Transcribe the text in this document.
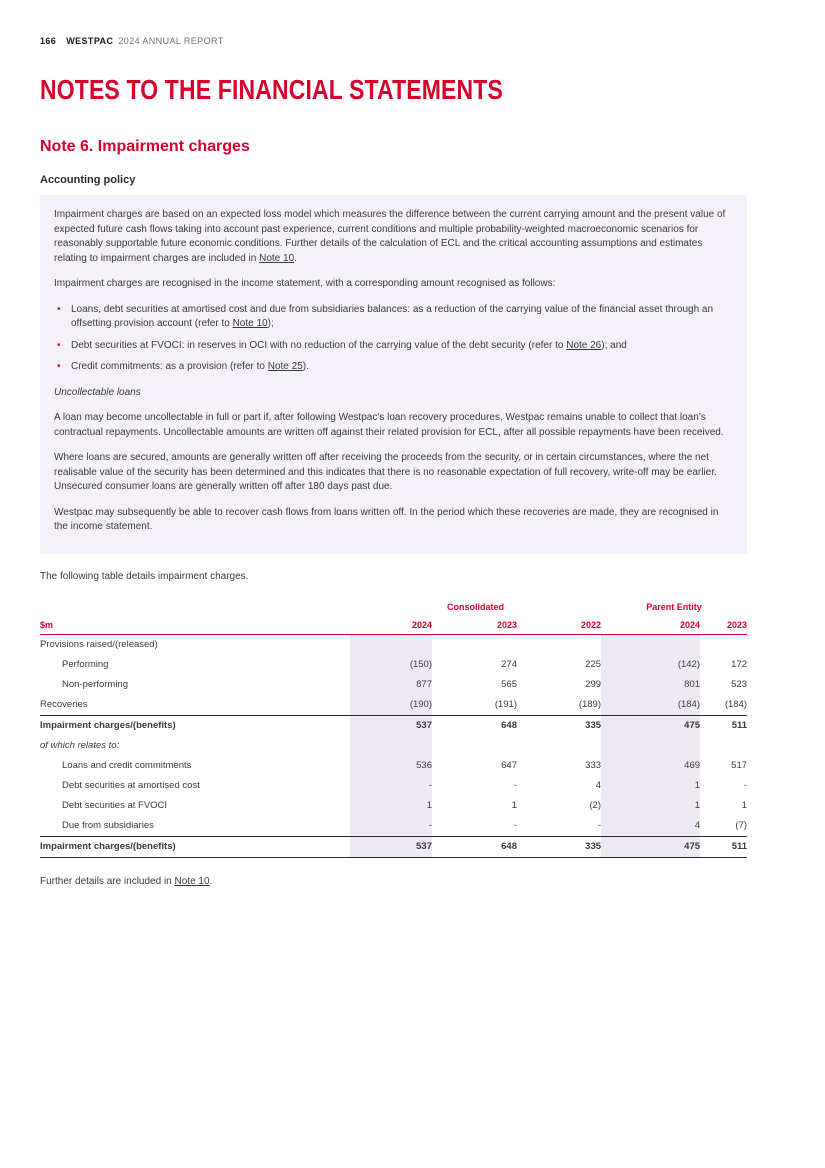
166 WESTPAC 2024 ANNUAL REPORT
NOTES TO THE FINANCIAL STATEMENTS
Note 6. Impairment charges
Accounting policy

Impairment charges are based on an expected loss model which measures the difference between the current carrying amount and the present value of expected future cash flows taking into account past experience, current conditions and multiple probability-weighted macroeconomic scenarios for reasonably supportable future economic conditions. Further details of the calculation of ECL and the critical accounting assumptions and estimates relating to impairment charges are included in Note 10.

Impairment charges are recognised in the income statement, with a corresponding amount recognised as follows:

• Loans, debt securities at amortised cost and due from subsidiaries balances: as a reduction of the carrying value of the financial asset through an offsetting provision account (refer to Note 10);
• Debt securities at FVOCI: in reserves in OCI with no reduction of the carrying value of the debt security (refer to Note 26); and
• Credit commitments: as a provision (refer to Note 25).

Uncollectable loans

A loan may become uncollectable in full or part if, after following Westpac’s loan recovery procedures, Westpac remains unable to collect that loan’s contractual repayments. Uncollectable amounts are written off against their related provision for ECL, after all possible repayments have been received.

Where loans are secured, amounts are generally written off after receiving the proceeds from the security, or in certain circumstances, where the net realisable value of the security has been determined and this indicates that there is no reasonable expectation of full recovery, write-off may be earlier. Unsecured consumer loans are generally written off after 180 days past due.

Westpac may subsequently be able to recover cash flows from loans written off. In the period which these recoveries are made, they are recognised in the income statement.

The following table details impairment charges.

	Consolidated			Parent Entity	
$m	2024	2023	2022	2024	2023
Provisions raised/(released)					
Performing	(150)	274	225	(142)	172
Non-performing	877	565	299	801	523
Recoveries	(190)	(191)	(189)	(184)	(184)
Impairment charges/(benefits)	537	648	335	475	511
of which relates to:					
Loans and credit commitments	536	647	333	469	517
Debt securities at amortised cost	-	-	4	1	-
Debt securities at FVOCI	1	1	(2)	1	1
Due from subsidiaries	-	-	-	4	(7)
Impairment charges/(benefits)	537	648	335	475	511

Further details are included in Note 10.
